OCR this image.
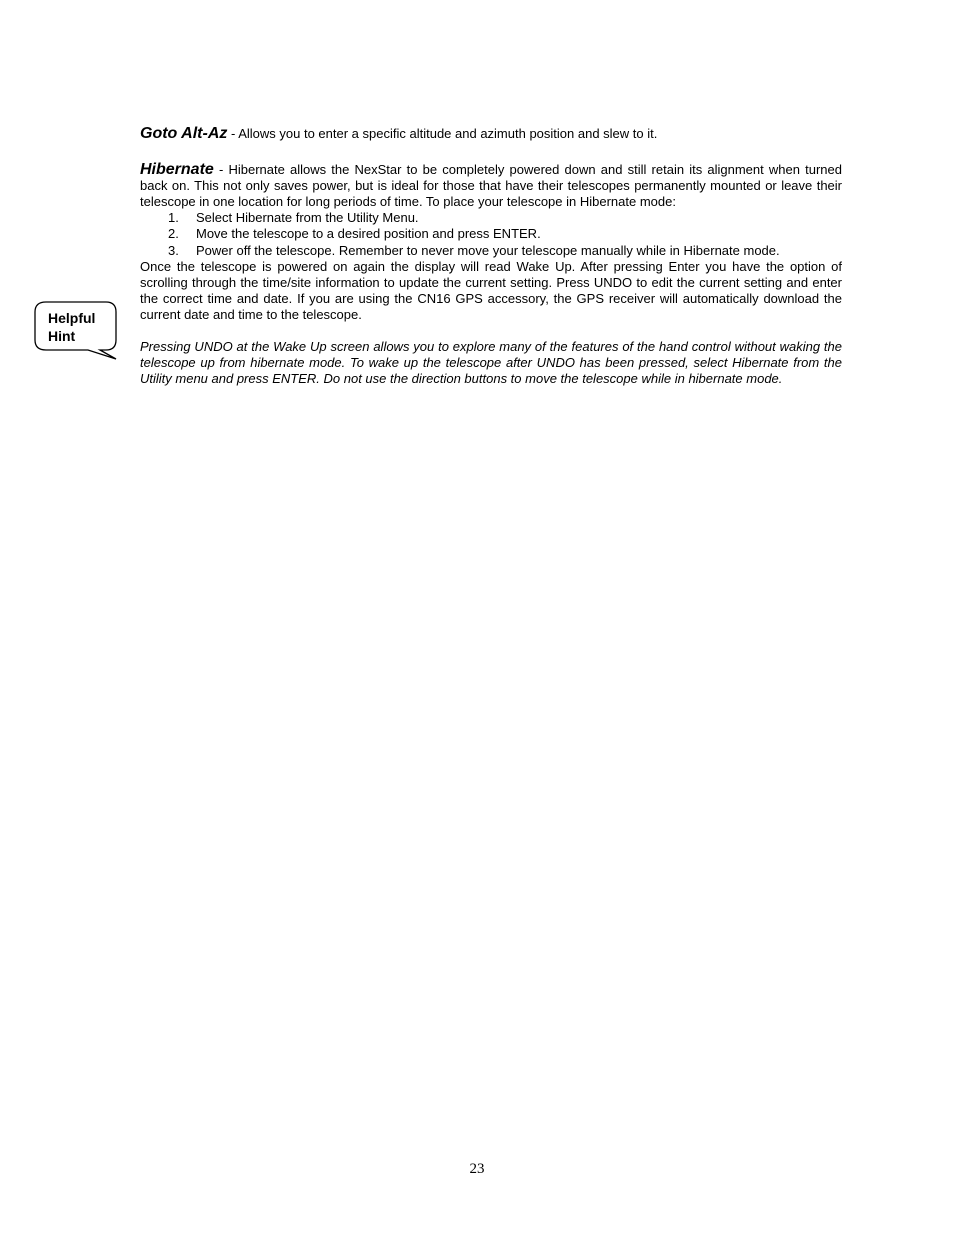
Helpful
Hint

Goto Alt-Az - Allows you to enter a specific altitude and azimuth position and slew to it.

Hibernate - Hibernate allows the NexStar to be completely powered down and still retain its alignment when turned back on. This not only saves power, but is ideal for those that have their telescopes permanently mounted or leave their telescope in one location for long periods of time. To place your telescope in Hibernate mode:

1.	Select Hibernate from the Utility Menu.
2.	Move the telescope to a desired position and press ENTER.
3.	Power off the telescope. Remember to never move your telescope manually while in Hibernate mode.

Once the telescope is powered on again the display will read Wake Up. After pressing Enter you have the option of scrolling through the time/site information to update the current setting. Press UNDO to edit the current setting and enter the correct time and date. If you are using the CN16 GPS accessory, the GPS receiver will automatically download the current date and time to the telescope.

Pressing UNDO at the Wake Up screen allows you to explore many of the features of the hand control without waking the telescope up from hibernate mode. To wake up the telescope after UNDO has been pressed, select Hibernate from the Utility menu and press ENTER. Do not use the direction buttons to move the telescope while in hibernate mode.

23
